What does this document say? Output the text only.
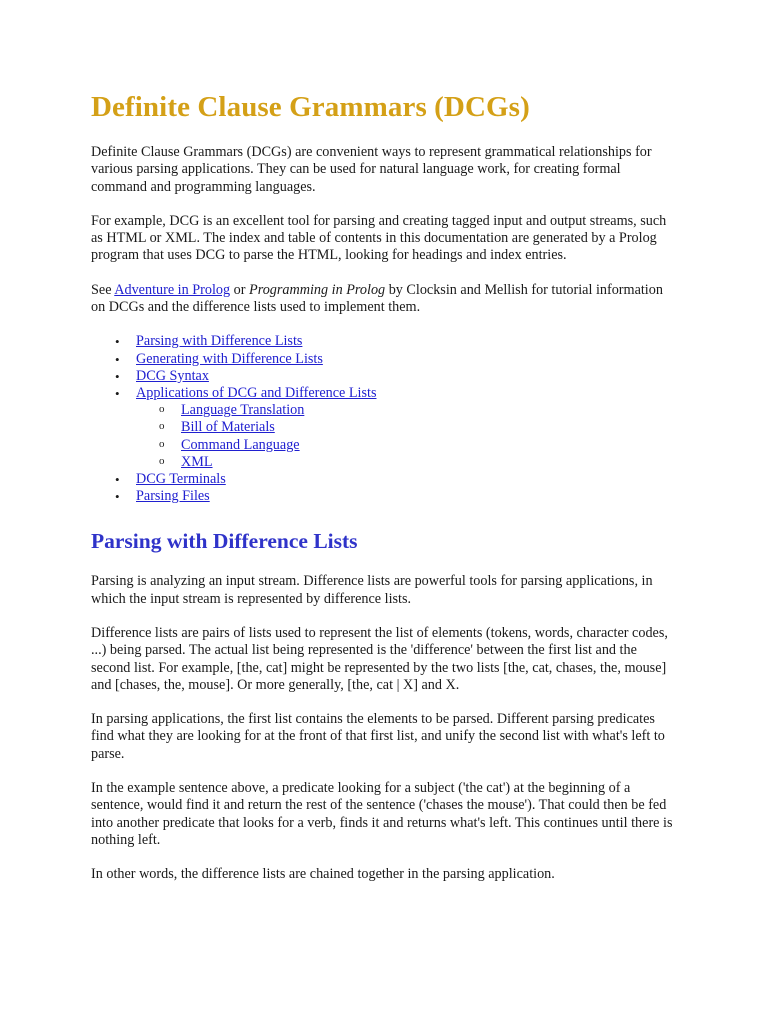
Definite Clause Grammars (DCGs)

Definite Clause Grammars (DCGs) are convenient ways to represent grammatical relationships for various parsing applications. They can be used for natural language work, for creating formal command and programming languages.

For example, DCG is an excellent tool for parsing and creating tagged input and output streams, such as HTML or XML. The index and table of contents in this documentation are generated by a Prolog program that uses DCG to parse the HTML, looking for headings and index entries.

See Adventure in Prolog or Programming in Prolog by Clocksin and Mellish for tutorial information on DCGs and the difference lists used to implement them.

• Parsing with Difference Lists
• Generating with Difference Lists
• DCG Syntax
• Applications of DCG and Difference Lists
o Language Translation
o Bill of Materials
o Command Language
o XML
• DCG Terminals
• Parsing Files
Parsing with Difference Lists

Parsing is analyzing an input stream. Difference lists are powerful tools for parsing applications, in which the input stream is represented by difference lists.

Difference lists are pairs of lists used to represent the list of elements (tokens, words, character codes, ...) being parsed. The actual list being represented is the 'difference' between the first list and the second list. For example, [the, cat] might be represented by the two lists [the, cat, chases, the, mouse] and [chases, the, mouse]. Or more generally, [the, cat | X] and X.

In parsing applications, the first list contains the elements to be parsed. Different parsing predicates find what they are looking for at the front of that first list, and unify the second list with what's left to parse.

In the example sentence above, a predicate looking for a subject ('the cat') at the beginning of a sentence, would find it and return the rest of the sentence ('chases the mouse'). That could then be fed into another predicate that looks for a verb, finds it and returns what's left. This continues until there is nothing left.

In other words, the difference lists are chained together in the parsing application.
